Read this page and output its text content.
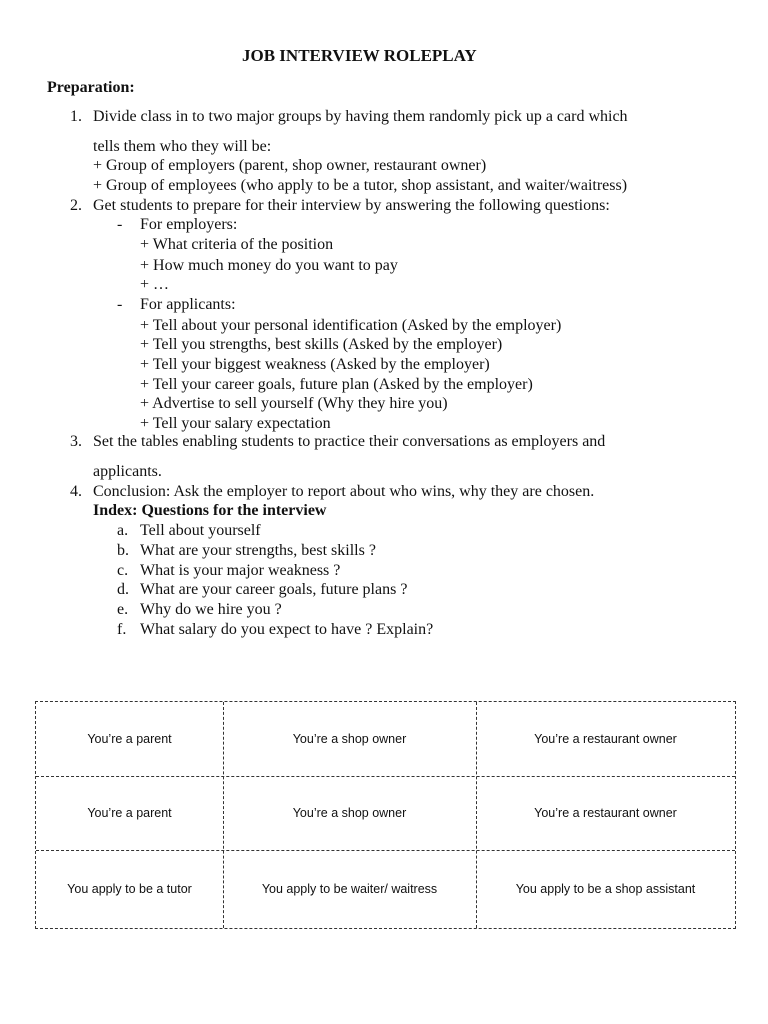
JOB INTERVIEW ROLEPLAY
Preparation:
1. Divide class in to two major groups by having them randomly pick up a card which
tells them who they will be:
+ Group of employers (parent, shop owner, restaurant owner)
+ Group of employees (who apply to be a tutor, shop assistant, and waiter/waitress)
2. Get students to prepare for their interview by answering the following questions:
- For employers:
+ What criteria of the position
+ How much money do you want to pay
+ …
- For applicants:
+ Tell about your personal identification (Asked by the employer)
+ Tell you strengths, best skills (Asked by the employer)
+ Tell your biggest weakness (Asked by the employer)
+ Tell your career goals, future plan (Asked by the employer)
+ Advertise to sell yourself (Why they hire you)
+ Tell your salary expectation
3. Set the tables enabling students to practice their conversations as employers and
applicants.
4. Conclusion: Ask the employer to report about who wins, why they are chosen.
Index: Questions for the interview
a. Tell about yourself
b. What are your strengths, best skills ?
c. What is your major weakness ?
d. What are your career goals, future plans ?
e. Why do we hire you ?
f. What salary do you expect to have ? Explain?
You’re a parent	You’re a shop owner	You’re a restaurant owner
You’re a parent	You’re a shop owner	You’re a restaurant owner
You apply to be a tutor	You apply to be waiter/ waitress	You apply to be a shop assistant
